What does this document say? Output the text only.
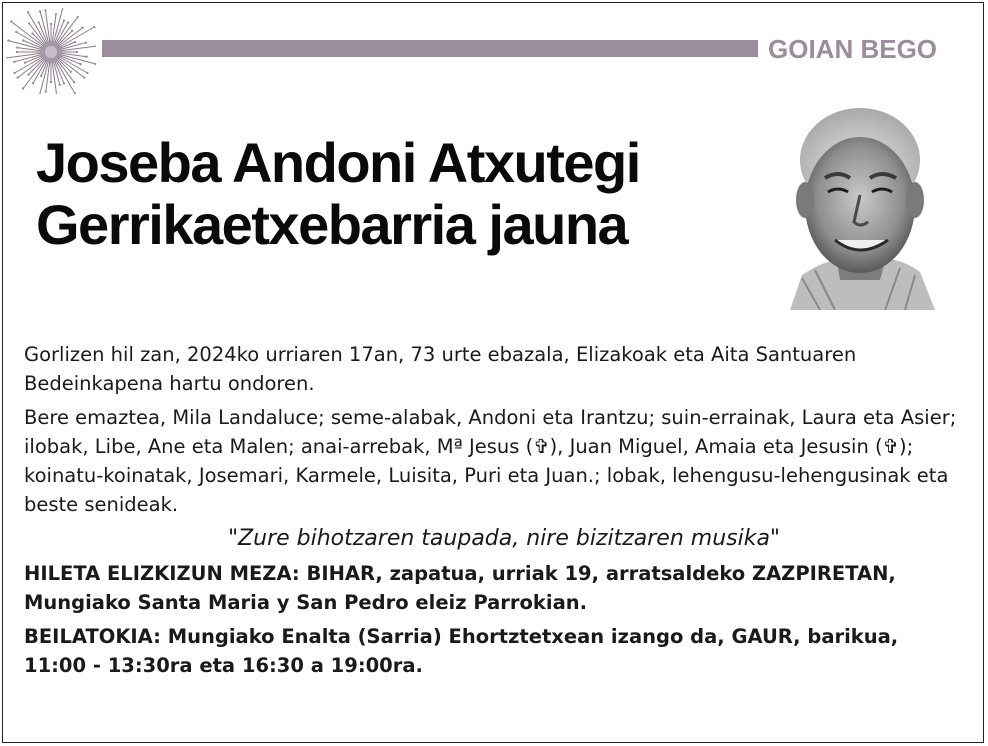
GOIAN BEGO
Joseba Andoni Atxutegi
Gerrikaetxebarria jauna

Gorlizen hil zan, 2024ko urriaren 17an, 73 urte ebazala, Elizakoak eta Aita Santuaren Bedeinkapena hartu ondoren.

Bere emaztea, Mila Landaluce; seme-alabak, Andoni eta Irantzu; suin-errainak, Laura eta Asier; ilobak, Libe, Ane eta Malen; anai-arrebak, Mª Jesus (✞), Juan Miguel, Amaia eta Jesusin (✞); koinatu-koinatak, Josemari, Karmele, Luisita, Puri eta Juan.; lobak, lehengusu-lehengusinak eta beste senideak.

"Zure bihotzaren taupada, nire bizitzaren musika"

HILETA ELIZKIZUN MEZA: BIHAR, zapatua, urriak 19, arratsaldeko ZAZPIRETAN, Mungiako Santa Maria y San Pedro eleiz Parrokian.

BEILATOKIA: Mungiako Enalta (Sarria) Ehortztetxean izango da, GAUR, barikua, 11:00 - 13:30ra eta 16:30 a 19:00ra.
